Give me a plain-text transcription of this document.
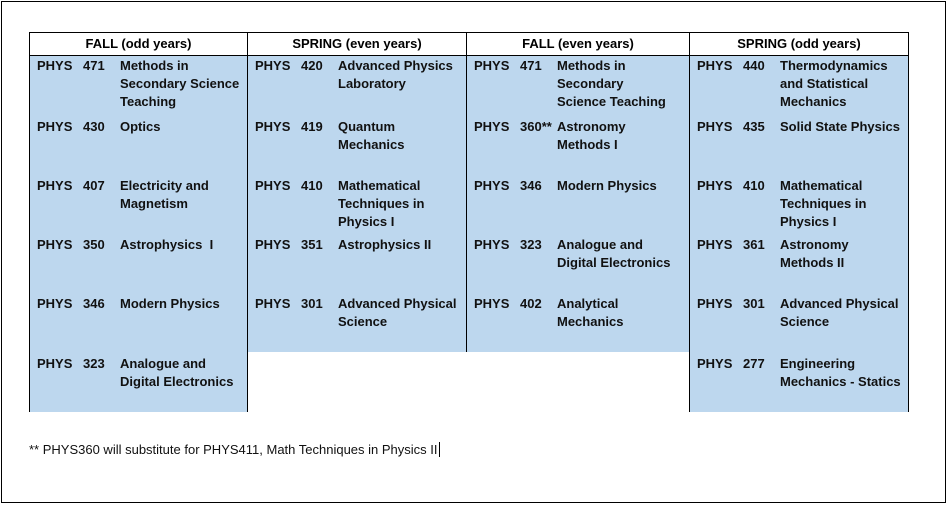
FALL (odd years)
PHYS 471 Methods in
Secondary Science
Teaching
PHYS 430 Optics
PHYS 407 Electricity and
Magnetism
PHYS 350 Astrophysics  I
PHYS 346 Modern Physics
PHYS 323 Analogue and
Digital Electronics
SPRING (even years)
PHYS 420 Advanced Physics
Laboratory
PHYS 419 Quantum
Mechanics
PHYS 410 Mathematical
Techniques in
Physics I
PHYS 351 Astrophysics II
PHYS 301 Advanced Physical
Science
FALL (even years)
PHYS 471 Methods in
Secondary
Science Teaching
PHYS 360** Astronomy
Methods I
PHYS 346 Modern Physics
PHYS 323 Analogue and
Digital Electronics
PHYS 402 Analytical
Mechanics
SPRING (odd years)
PHYS 440 Thermodynamics
and Statistical
Mechanics
PHYS 435 Solid State Physics
PHYS 410 Mathematical
Techniques in
Physics I
PHYS 361 Astronomy
Methods II
PHYS 301 Advanced Physical
Science
PHYS 277 Engineering
Mechanics - Statics
** PHYS360 will substitute for PHYS411, Math Techniques in Physics II
